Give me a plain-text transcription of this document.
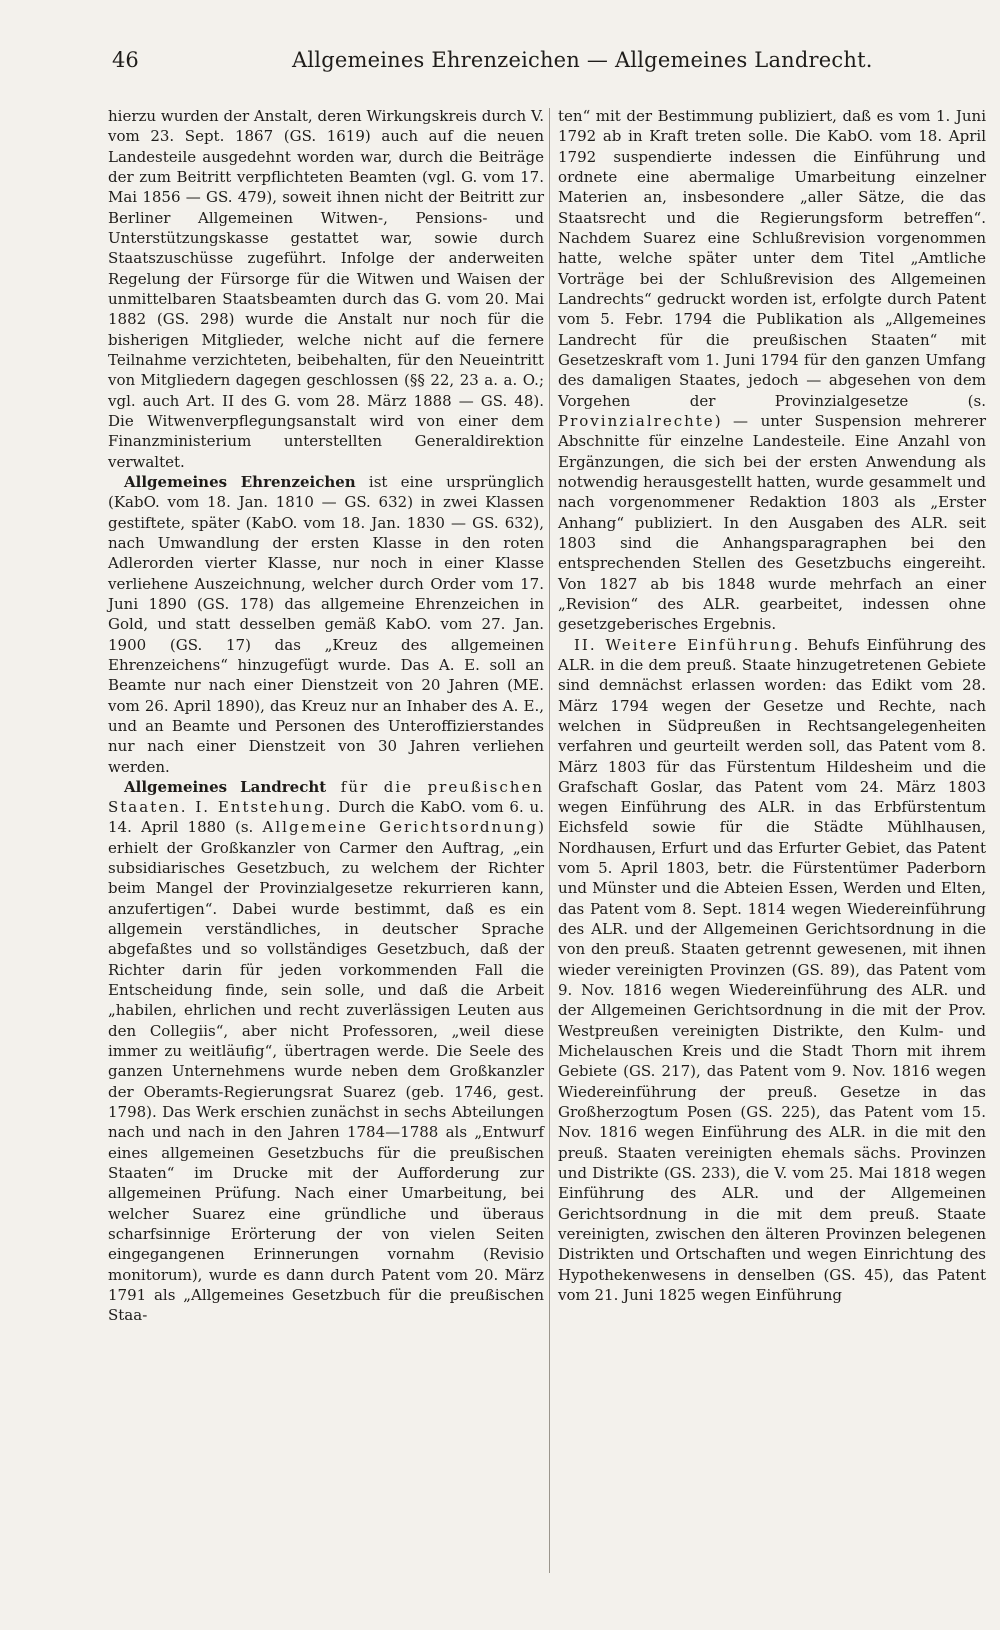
46	Allgemeines Ehrenzeichen — Allgemeines Landrecht.

hierzu wurden der Anstalt, deren Wirkungskreis durch V. vom 23. Sept. 1867 (GS. 1619) auch auf die neuen Landesteile ausgedehnt worden war, durch die Beiträge der zum Beitritt verpflichteten Beamten (vgl. G. vom 17. Mai 1856 — GS. 479), soweit ihnen nicht der Beitritt zur Berliner Allgemeinen Witwen-, Pensions- und Unterstützungskasse gestattet war, sowie durch Staatszuschüsse zugeführt. Infolge der anderweiten Regelung der Fürsorge für die Witwen und Waisen der unmittelbaren Staatsbeamten durch das G. vom 20. Mai 1882 (GS. 298) wurde die Anstalt nur noch für die bisherigen Mitglieder, welche nicht auf die fernere Teilnahme verzichteten, beibehalten, für den Neueintritt von Mitgliedern dagegen geschlossen (§§ 22, 23 a. a. O.; vgl. auch Art. II des G. vom 28. März 1888 — GS. 48). Die Witwenverpflegungsanstalt wird von einer dem Finanzministerium unterstellten Generaldirektion verwaltet.

Allgemeines Ehrenzeichen ist eine ursprünglich (KabO. vom 18. Jan. 1810 — GS. 632) in zwei Klassen gestiftete, später (KabO. vom 18. Jan. 1830 — GS. 632), nach Umwandlung der ersten Klasse in den roten Adlerorden vierter Klasse, nur noch in einer Klasse verliehene Auszeichnung, welcher durch Order vom 17. Juni 1890 (GS. 178) das allgemeine Ehrenzeichen in Gold, und statt desselben gemäß KabO. vom 27. Jan. 1900 (GS. 17) das „Kreuz des allgemeinen Ehrenzeichens“ hinzugefügt wurde. Das A. E. soll an Beamte nur nach einer Dienstzeit von 20 Jahren (ME. vom 26. April 1890), das Kreuz nur an Inhaber des A. E., und an Beamte und Personen des Unteroffizierstandes nur nach einer Dienstzeit von 30 Jahren verliehen werden.

Allgemeines Landrecht für die preußischen Staaten. I. Entstehung. Durch die KabO. vom 6. u. 14. April 1880 (s. Allgemeine Gerichtsordnung) erhielt der Großkanzler von Carmer den Auftrag, „ein subsidiarisches Gesetzbuch, zu welchem der Richter beim Mangel der Provinzialgesetze rekurrieren kann, anzufertigen“. Dabei wurde bestimmt, daß es ein allgemein verständliches, in deutscher Sprache abgefaßtes und so vollständiges Gesetzbuch, daß der Richter darin für jeden vorkommenden Fall die Entscheidung finde, sein solle, und daß die Arbeit „habilen, ehrlichen und recht zuverlässigen Leuten aus den Collegiis“, aber nicht Professoren, „weil diese immer zu weitläufig“, übertragen werde. Die Seele des ganzen Unternehmens wurde neben dem Großkanzler der Oberamts-Regierungsrat Suarez (geb. 1746, gest. 1798). Das Werk erschien zunächst in sechs Abteilungen nach und nach in den Jahren 1784—1788 als „Entwurf eines allgemeinen Gesetzbuchs für die preußischen Staaten“ im Drucke mit der Aufforderung zur allgemeinen Prüfung. Nach einer Umarbeitung, bei welcher Suarez eine gründliche und überaus scharfsinnige Erörterung der von vielen Seiten eingegangenen Erinnerungen vornahm (Revisio monitorum), wurde es dann durch Patent vom 20. März 1791 als „Allgemeines Gesetzbuch für die preußischen Staa-

ten“ mit der Bestimmung publiziert, daß es vom 1. Juni 1792 ab in Kraft treten solle. Die KabO. vom 18. April 1792 suspendierte indessen die Einführung und ordnete eine abermalige Umarbeitung einzelner Materien an, insbesondere „aller Sätze, die das Staatsrecht und die Regierungsform betreffen“. Nachdem Suarez eine Schlußrevision vorgenommen hatte, welche später unter dem Titel „Amtliche Vorträge bei der Schlußrevision des Allgemeinen Landrechts“ gedruckt worden ist, erfolgte durch Patent vom 5. Febr. 1794 die Publikation als „Allgemeines Landrecht für die preußischen Staaten“ mit Gesetzeskraft vom 1. Juni 1794 für den ganzen Umfang des damaligen Staates, jedoch — abgesehen von dem Vorgehen der Provinzialgesetze (s. Provinzialrechte) — unter Suspension mehrerer Abschnitte für einzelne Landesteile. Eine Anzahl von Ergänzungen, die sich bei der ersten Anwendung als notwendig herausgestellt hatten, wurde gesammelt und nach vorgenommener Redaktion 1803 als „Erster Anhang“ publiziert. In den Ausgaben des ALR. seit 1803 sind die Anhangsparagraphen bei den entsprechenden Stellen des Gesetzbuchs eingereiht. Von 1827 ab bis 1848 wurde mehrfach an einer „Revision“ des ALR. gearbeitet, indessen ohne gesetzgeberisches Ergebnis.

II. Weitere Einführung. Behufs Einführung des ALR. in die dem preuß. Staate hinzugetretenen Gebiete sind demnächst erlassen worden: das Edikt vom 28. März 1794 wegen der Gesetze und Rechte, nach welchen in Südpreußen in Rechtsangelegenheiten verfahren und geurteilt werden soll, das Patent vom 8. März 1803 für das Fürstentum Hildesheim und die Grafschaft Goslar, das Patent vom 24. März 1803 wegen Einführung des ALR. in das Erbfürstentum Eichsfeld sowie für die Städte Mühlhausen, Nordhausen, Erfurt und das Erfurter Gebiet, das Patent vom 5. April 1803, betr. die Fürstentümer Paderborn und Münster und die Abteien Essen, Werden und Elten, das Patent vom 8. Sept. 1814 wegen Wiedereinführung des ALR. und der Allgemeinen Gerichtsordnung in die von den preuß. Staaten getrennt gewesenen, mit ihnen wieder vereinigten Provinzen (GS. 89), das Patent vom 9. Nov. 1816 wegen Wiedereinführung des ALR. und der Allgemeinen Gerichtsordnung in die mit der Prov. Westpreußen vereinigten Distrikte, den Kulm- und Michelauschen Kreis und die Stadt Thorn mit ihrem Gebiete (GS. 217), das Patent vom 9. Nov. 1816 wegen Wiedereinführung der preuß. Gesetze in das Großherzogtum Posen (GS. 225), das Patent vom 15. Nov. 1816 wegen Einführung des ALR. in die mit den preuß. Staaten vereinigten ehemals sächs. Provinzen und Distrikte (GS. 233), die V. vom 25. Mai 1818 wegen Einführung des ALR. und der Allgemeinen Gerichtsordnung in die mit dem preuß. Staate vereinigten, zwischen den älteren Provinzen belegenen Distrikten und Ortschaften und wegen Einrichtung des Hypothekenwesens in denselben (GS. 45), das Patent vom 21. Juni 1825 wegen Einführung
